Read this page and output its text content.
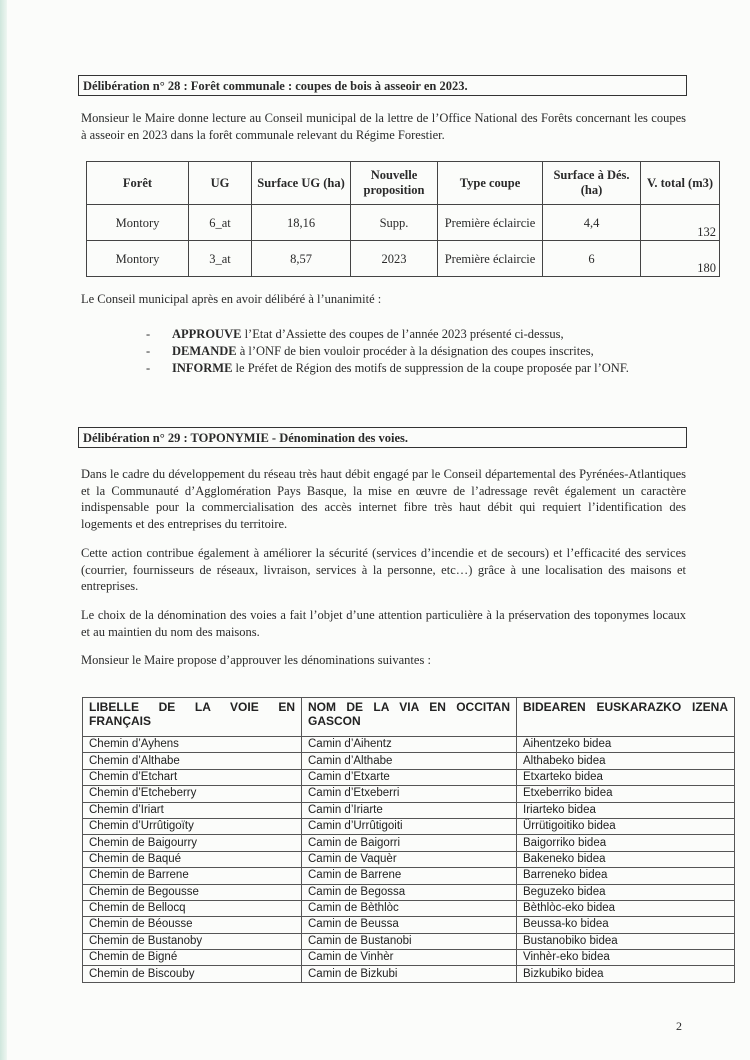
Délibération n° 28 : Forêt communale : coupes de bois à asseoir en 2023.

Monsieur le Maire donne lecture au Conseil municipal de la lettre de l’Office National des Forêts concernant les coupes à asseoir en 2023 dans la forêt communale relevant du Régime Forestier.

Forêt	UG	Surface UG (ha)	Nouvelle proposition	Type coupe	Surface à Dés. (ha)	V. total (m3)
Montory	6_at	18,16	Supp.	Première éclaircie	4,4	132
Montory	3_at	8,57	2023	Première éclaircie	6	180

Le Conseil municipal après en avoir délibéré à l’unanimité :

- APPROUVE l’Etat d’Assiette des coupes de l’année 2023 présenté ci-dessus,
- DEMANDE à l’ONF de bien vouloir procéder à la désignation des coupes inscrites,
- INFORME le Préfet de Région des motifs de suppression de la coupe proposée par l’ONF.
Délibération n° 29 : TOPONYMIE - Dénomination des voies.

Dans le cadre du développement du réseau très haut débit engagé par le Conseil départemental des Pyrénées-Atlantiques et la Communauté d’Agglomération Pays Basque, la mise en œuvre de l’adressage revêt également un caractère indispensable pour la commercialisation des accès internet fibre très haut débit qui requiert l’identification des logements et des entreprises du territoire.

Cette action contribue également à améliorer la sécurité (services d’incendie et de secours) et l’efficacité des services (courrier, fournisseurs de réseaux, livraison, services à la personne, etc…) grâce à une localisation des maisons et entreprises.

Le choix de la dénomination des voies a fait l’objet d’une attention particulière à la préservation des toponymes locaux et au maintien du nom des maisons.

Monsieur le Maire propose d’approuver les dénominations suivantes :

LIBELLE DE LA VOIE EN FRANÇAIS	NOM DE LA VIA EN OCCITAN GASCON	BIDEAREN EUSKARAZKO IZENA
Chemin d’Ayhens	Camin d’Aihentz	Aihentzeko bidea
Chemin d’Althabe	Camin d’Althabe	Althabeko bidea
Chemin d’Etchart	Camin d’Etxarte	Etxarteko bidea
Chemin d’Etcheberry	Camin d’Etxeberri	Etxeberriko bidea
Chemin d’Iriart	Camin d’Iriarte	Iriarteko bidea
Chemin d’Urrûtigoïty	Camin d’Urrûtigoiti	Ürrütigoitiko bidea
Chemin de Baigourry	Camin de Baigorri	Baigorriko bidea
Chemin de Baqué	Camin de Vaquèr	Bakeneko bidea
Chemin de Barrene	Camin de Barrene	Barreneko bidea
Chemin de Begousse	Camin de Begossa	Beguzeko bidea
Chemin de Bellocq	Camin de Bèthlòc	Bèthlòc-eko bidea
Chemin de Béousse	Camin de Beussa	Beussa-ko bidea
Chemin de Bustanoby	Camin de Bustanobi	Bustanobiko bidea
Chemin de Bigné	Camin de Vinhèr	Vinhèr-eko bidea
Chemin de Biscouby	Camin de Bizkubi	Bizkubiko bidea
2
